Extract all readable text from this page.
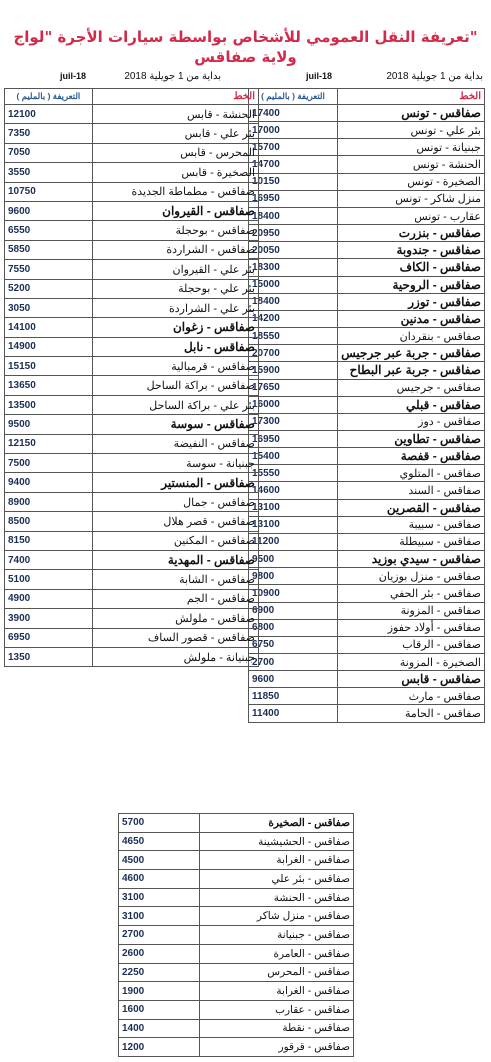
تعريفة النقل العمومي للأشخاص بواسطة سيارات الأجرة "لواج"
ولاية صفاقس
بداية من 1 جويلية 2018
juil-18
بداية من 1 جويلية 2018
juil-18
الخط	التعريفة ( بالمليم )
صفاقس - تونس	17400
بئر علي - تونس	17000
جبنيانة - تونس	15700
الحنشة - تونس	14700
الصخيرة - تونس	10150
منزل شاكر - تونس	16950
عقارب - تونس	18400
صفاقس - بنزرت	20950
صفاقس - جندوبة	20050
صفاقس - الكاف	18300
صفاقس - الروحية	15000
صفاقس - توزر	18400
صفاقس - مدنين	14200
صفاقس - بنقردان	18550
صفاقس - جربة عبر جرجيس	20700
صفاقس - جربة عبر البطاح	15900
صفاقس - جرجيس	17650
صفاقس - قبلي	16000
صفاقس - دوز	17300
صفاقس - تطاوين	16950
صفاقس - قفصة	15400
صفاقس - المتلوي	15550
صفاقس - السند	14600
صفاقس - القصرين	13100
صفاقس - سبيبة	13100
صفاقس - سبيطلة	11200
صفاقس - سيدي بوزيد	9500
صفاقس - منزل بوزيان	9800
صفاقس - بئر الحفي	10900
صفاقس - المزونة	6900
صفاقس - أولاد حفوز	6800
صفاقس - الرقاب	6750
الصخيرة - المزونة	2700
صفاقس - قابس	9600
صفاقس - مارث	11850
صفاقس - الحامة	11400
الخط	التعريفة ( بالمليم )
الحنشة - قابس	12100
بئر علي - قابس	7350
المحرس - قابس	7050
الصخيرة - قابس	3550
صفاقس - مطماطة الجديدة	10750
صفاقس - القيروان	9600
صفاقس - بوحجلة	6550
صفاقس - الشراردة	5850
بئر علي - القيروان	7550
بئر علي - بوحجلة	5200
بئر علي - الشراردة	3050
صفاقس - زغوان	14100
صفاقس - نابل	14900
صفاقس - قرمبالية	15150
صفاقس - براكة الساحل	13650
بئر علي - براكة الساحل	13500
صفاقس - سوسة	9500
صفاقس - النفيضة	12150
جبنيانة - سوسة	7500
صفاقس - المنستير	9400
صفاقس - جمال	8900
صفاقس - قصر هلال	8500
صفاقس - المكنين	8150
صفاقس - المهدية	7400
صفاقس - الشابة	5100
صفاقس - الجم	4900
صفاقس - ملولش	3900
صفاقس - قصور الساف	6950
جبنيانة - ملولش	1350
صفاقس - الصخيرة	5700
صفاقس - الحشيشينة	4650
صفاقس - الغرابة	4500
صفاقس - بئر علي	4600
صفاقس - الحنشة	3100
صفاقس - منزل شاكر	3100
صفاقس - جبنيانة	2700
صفاقس - العامرة	2600
صفاقس - المحرس	2250
صفاقس - الغرابة	1900
صفاقس - عقارب	1600
صفاقس - نقطة	1400
صفاقس - قرقور	1200
